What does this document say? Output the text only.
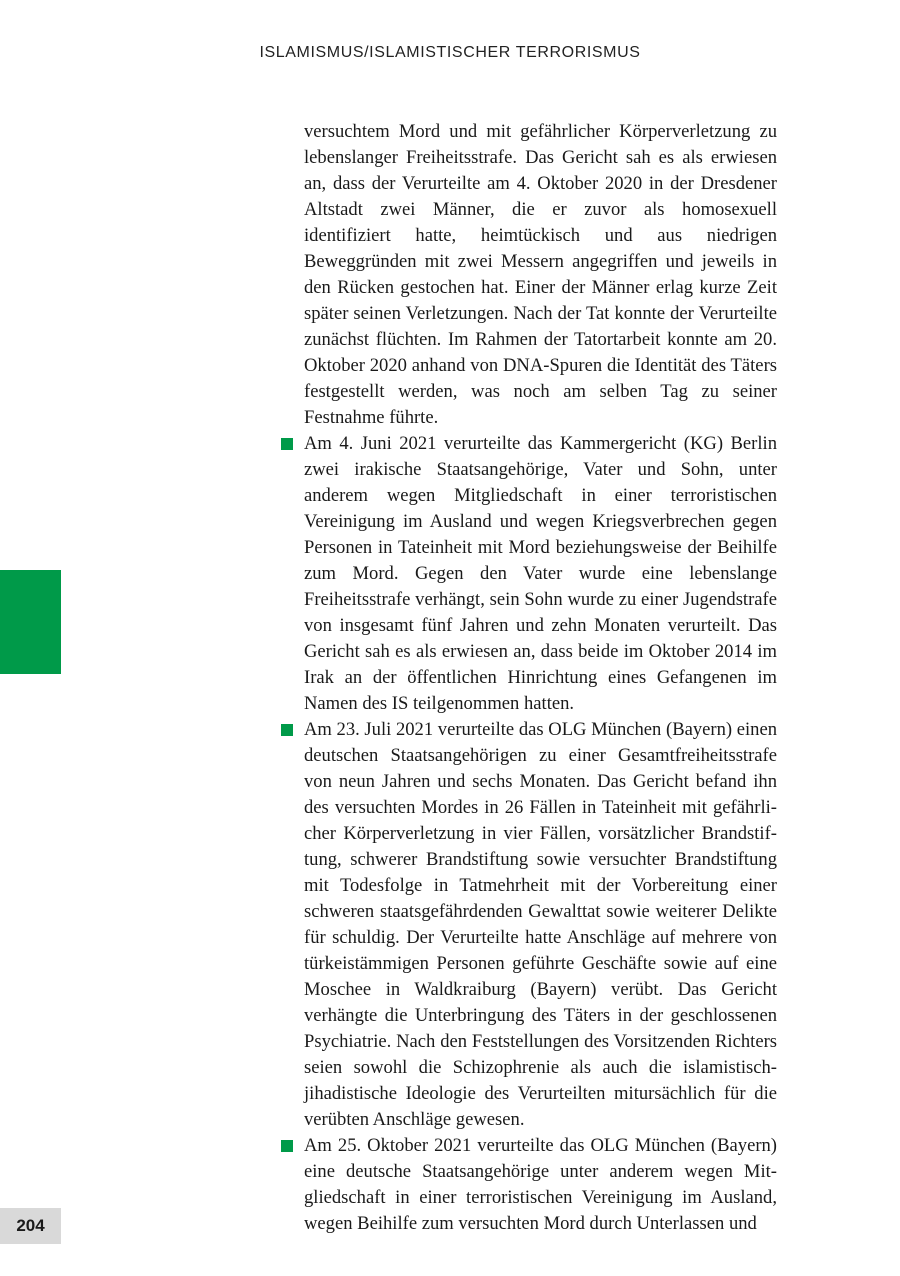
ISLAMISMUS/ISLAMISTISCHER TERRORISMUS

versuchtem Mord und mit gefährlicher Körperverletzung zu lebenslanger Freiheitsstrafe. Das Gericht sah es als erwiesen an, dass der Verurteilte am 4. Oktober 2020 in der Dresdener Altstadt zwei Männer, die er zuvor als homosexuell identifiziert hatte, heimtückisch und aus niedrigen Beweggründen mit zwei Messern angegriffen und jeweils in den Rücken gestochen hat. Einer der Männer erlag kurze Zeit später seinen Verletzungen. Nach der Tat konnte der Verurteilte zunächst flüchten. Im Rahmen der Tatortarbeit konnte am 20. Oktober 2020 anhand von DNA-Spuren die Identität des Täters festgestellt werden, was noch am selben Tag zu seiner Festnahme führte.

Am 4. Juni 2021 verurteilte das Kammergericht (KG) Berlin zwei irakische Staatsangehörige, Vater und Sohn, unter anderem wegen Mitgliedschaft in einer terroristischen Vereinigung im Ausland und wegen Kriegsverbrechen gegen Personen in Tateinheit mit Mord beziehungsweise der Beihilfe zum Mord. Gegen den Vater wurde eine lebenslange Freiheitsstrafe verhängt, sein Sohn wurde zu einer Jugendstrafe von insgesamt fünf Jahren und zehn Monaten verurteilt. Das Gericht sah es als erwiesen an, dass beide im Oktober 2014 im Irak an der öffentlichen Hinrichtung eines Gefangenen im Namen des IS teilgenommen hatten.
Am 23. Juli 2021 verurteilte das OLG München (Bayern) einen deutschen Staatsangehörigen zu einer Gesamtfreiheitsstrafe von neun Jahren und sechs Monaten. Das Gericht befand ihn des versuchten Mordes in 26 Fällen in Tateinheit mit gefährlicher Körperverletzung in vier Fällen, vorsätzlicher Brandstiftung, schwerer Brandstiftung sowie versuchter Brandstiftung mit Todesfolge in Tatmehrheit mit der Vorbereitung einer schweren staatsgefährdenden Gewalttat sowie weiterer Delikte für schuldig. Der Verurteilte hatte Anschläge auf mehrere von türkeistämmigen Personen geführte Geschäfte sowie auf eine Moschee in Waldkraiburg (Bayern) verübt. Das Gericht verhängte die Unterbringung des Täters in der geschlossenen Psychiatrie. Nach den Feststellungen des Vorsitzenden Richters seien sowohl die Schizophrenie als auch die islamistisch-jihadistische Ideologie des Verurteilten mitursächlich für die verübten Anschläge gewesen.
Am 25. Oktober 2021 verurteilte das OLG München (Bayern) eine deutsche Staatsangehörige unter anderem wegen Mitgliedschaft in einer terroristischen Vereinigung im Ausland, wegen Beihilfe zum versuchten Mord durch Unterlassen und
204
